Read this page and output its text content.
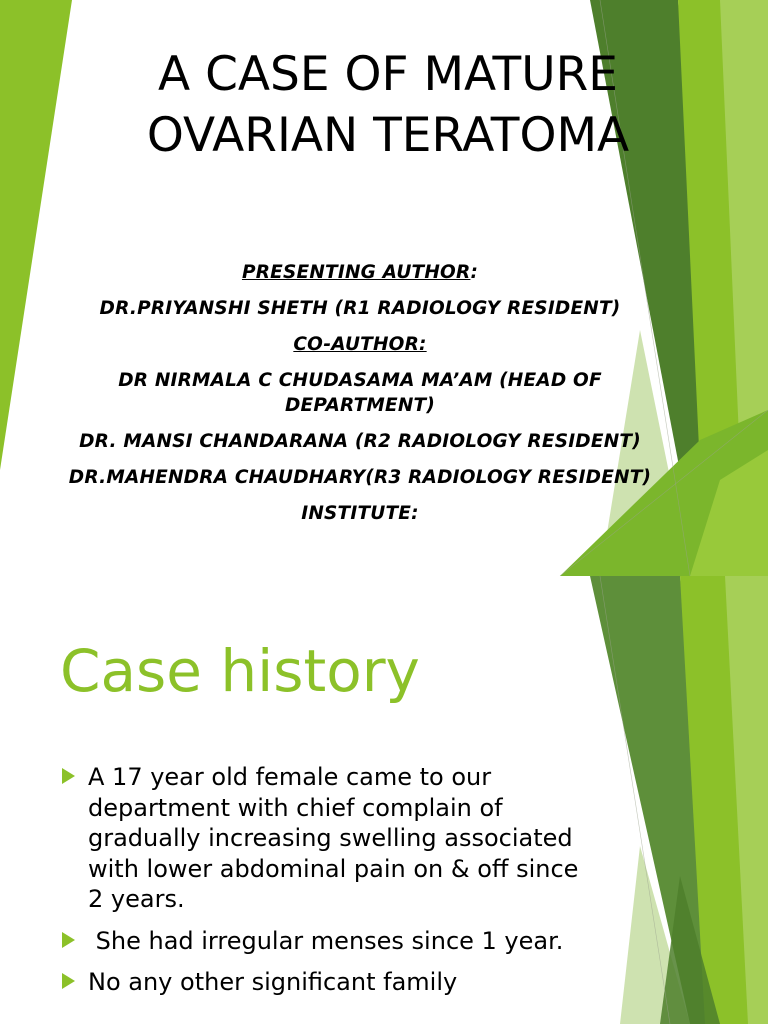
A CASE OF MATURE OVARIAN TERATOMA

PRESENTING AUTHOR:

DR.PRIYANSHI SHETH (R1 RADIOLOGY RESIDENT)

CO-AUTHOR:

DR NIRMALA C CHUDASAMA MA’AM (HEAD OF DEPARTMENT)

DR. MANSI CHANDARANA (R2 RADIOLOGY RESIDENT)

DR.MAHENDRA CHAUDHARY(R3 RADIOLOGY RESIDENT)

INSTITUTE:

Case history
A 17 year old female came to our department with chief complain of gradually increasing swelling associated with lower abdominal pain on & off since 2 years.
She had irregular menses since 1 year.
No any other significant family
